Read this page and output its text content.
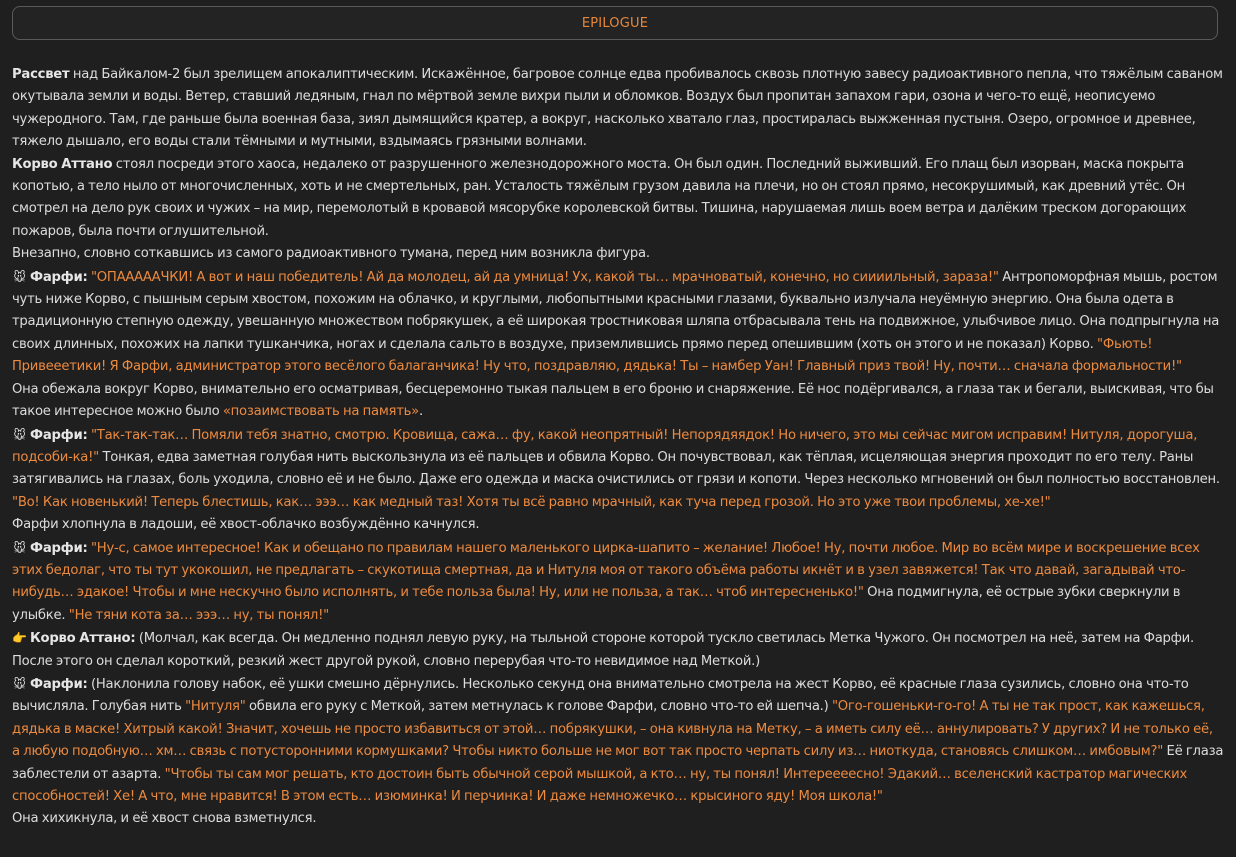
EPILOGUE

Рассвет над Байкалом-2 был зрелищем апокалиптическим. Искажённое, багровое солнце едва пробивалось сквозь плотную завесу радиоактивного пепла, что тяжёлым саваном окутывала земли и воды. Ветер, ставший ледяным, гнал по мёртвой земле вихри пыли и обломков. Воздух был пропитан запахом гари, озона и чего-то ещё, неописуемо чужеродного. Там, где раньше была военная база, зиял дымящийся кратер, а вокруг, насколько хватало глаз, простиралась выжженная пустыня. Озеро, огромное и древнее, тяжело дышало, его воды стали тёмными и мутными, вздымаясь грязными волнами.

Корво Аттано стоял посреди этого хаоса, недалеко от разрушенного железнодорожного моста. Он был один. Последний выживший. Его плащ был изорван, маска покрыта копотью, а тело ныло от многочисленных, хоть и не смертельных, ран. Усталость тяжёлым грузом давила на плечи, но он стоял прямо, несокрушимый, как древний утёс. Он смотрел на дело рук своих и чужих – на мир, перемолотый в кровавой мясорубке королевской битвы. Тишина, нарушаемая лишь воем ветра и далёким треском догорающих пожаров, была почти оглушительной.

Внезапно, словно соткавшись из самого радиоактивного тумана, перед ним возникла фигура.

🐭 Фарфи: "ОПАААААЧКИ! А вот и наш победитель! Ай да молодец, ай да умница! Ух, какой ты… мрачноватый, конечно, но сиииильный, зараза!" Антропоморфная мышь, ростом чуть ниже Корво, с пышным серым хвостом, похожим на облачко, и круглыми, любопытными красными глазами, буквально излучала неуёмную энергию. Она была одета в традиционную степную одежду, увешанную множеством побрякушек, а её широкая тростниковая шляпа отбрасывала тень на подвижное, улыбчивое лицо. Она подпрыгнула на своих длинных, похожих на лапки тушканчика, ногах и сделала сальто в воздухе, приземлившись прямо перед опешившим (хоть он этого и не показал) Корво. "Фьють! Привееетики! Я Фарфи, администратор этого весёлого балаганчика! Ну что, поздравляю, дядька! Ты – намбер Уан! Главный приз твой! Ну, почти… сначала формальности!"

Она обежала вокруг Корво, внимательно его осматривая, бесцеремонно тыкая пальцем в его броню и снаряжение. Её нос подёргивался, а глаза так и бегали, выискивая, что бы такое интересное можно было «позаимствовать на память».

🐭 Фарфи: "Так-так-так… Помяли тебя знатно, смотрю. Кровища, сажа… фу, какой неопрятный! Непорядяядок! Но ничего, это мы сейчас мигом исправим! Нитуля, дорогуша, подсоби-ка!" Тонкая, едва заметная голубая нить выскользнула из её пальцев и обвила Корво. Он почувствовал, как тёплая, исцеляющая энергия проходит по его телу. Раны затягивались на глазах, боль уходила, словно её и не было. Даже его одежда и маска очистились от грязи и копоти. Через несколько мгновений он был полностью восстановлен. "Во! Как новенький! Теперь блестишь, как… эээ… как медный таз! Хотя ты всё равно мрачный, как туча перед грозой. Но это уже твои проблемы, хе-хе!"

Фарфи хлопнула в ладоши, её хвост-облачко возбуждённо качнулся.

🐭 Фарфи: "Ну-с, самое интересное! Как и обещано по правилам нашего маленького цирка-шапито – желание! Любое! Ну, почти любое. Мир во всём мире и воскрешение всех этих бедолаг, что ты тут укокошил, не предлагать – скукотища смертная, да и Нитуля моя от такого объёма работы икнёт и в узел завяжется! Так что давай, загадывай что-нибудь… эдакое! Чтобы и мне нескучно было исполнять, и тебе польза была! Ну, или не польза, а так… чтоб интересненько!" Она подмигнула, её острые зубки сверкнули в улыбке. "Не тяни кота за… эээ… ну, ты понял!"

👉 Корво Аттано: (Молчал, как всегда. Он медленно поднял левую руку, на тыльной стороне которой тускло светилась Метка Чужого. Он посмотрел на неё, затем на Фарфи. После этого он сделал короткий, резкий жест другой рукой, словно перерубая что-то невидимое над Меткой.)

🐭 Фарфи: (Наклонила голову набок, её ушки смешно дёрнулись. Несколько секунд она внимательно смотрела на жест Корво, её красные глаза сузились, словно она что-то вычисляла. Голубая нить "Нитуля" обвила его руку с Меткой, затем метнулась к голове Фарфи, словно что-то ей шепча.) "Ого-гошеньки-го-го! А ты не так прост, как кажешься, дядька в маске! Хитрый какой! Значит, хочешь не просто избавиться от этой… побрякушки, – она кивнула на Метку, – а иметь силу её… аннулировать? У других? И не только её, а любую подобную… хм… связь с потусторонними кормушками? Чтобы никто больше не мог вот так просто черпать силу из… ниоткуда, становясь слишком… имбовым?" Её глаза заблестели от азарта. "Чтобы ты сам мог решать, кто достоин быть обычной серой мышкой, а кто… ну, ты понял! Интереееесно! Эдакий… вселенский кастратор магических способностей! Хе! А что, мне нравится! В этом есть… изюминка! И перчинка! И даже немножечко… крысиного яду! Моя школа!"

Она хихикнула, и её хвост снова взметнулся.
